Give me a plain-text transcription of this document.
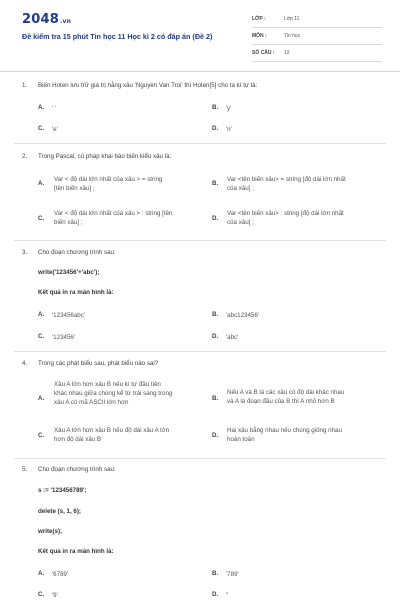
2048.vn
Đề kiểm tra 15 phút Tin học 11 Học kì 2 có đáp án (Đề 2)
LỚP :	Lớp 11
MÔN :	Tin học
SỐ CÂU : 12
1. Biến Hoten lưu trữ giá trị hằng xâu 'Nguyen Van Troi' thì Hoten[5] cho ta kí tự là:
A. ' '	B. 'y'
C. 'e'	D. 'n'
2. Trong Pascal, cú pháp khai báo biến kiểu xâu là:
A.
Var < độ dài lớn nhất của xâu > = string
[tên biến xâu] ;
B.
Var <tên biến xâu> = string [độ dài lớn nhất
của xâu] ;
C.
Var < độ dài lớn nhất của xâu > : string [tên
biến xâu] ;
D.
Var <tên biến xâu> : string [độ dài lớn nhất
của xâu] ;
3. Cho đoạn chương trình sau:
write('123456'+'abc');
Kết quả in ra màn hình là:
A. '123456abc'	B. 'abc123456'
C. '123456'	D. 'abc'
4. Trong các phát biểu sau, phát biểu nào sai?
A.
Xâu A lớn hơn xâu B nếu kí tự đầu tiên
khác nhau giữa chúng kể từ trái sang trong
xâu A có mã ASCII lớn hơn
B.
Nếu A và B là các xâu có độ dài khác nhau
và A là đoạn đầu của B thì A nhỏ hơn B
C.
Xâu A lớn hơn xâu B nếu độ dài xâu A lớn
hơn độ dài xâu B
D.
Hai xâu bằng nhau nếu chúng giống nhau
hoàn toàn
5. Cho đoạn chương trình sau:
s := '123456789';
delete (s, 1, 6);
write(s);
Kết quả in ra màn hình là:
A. '6789'	B. '789'
C. '9'	D. ''
